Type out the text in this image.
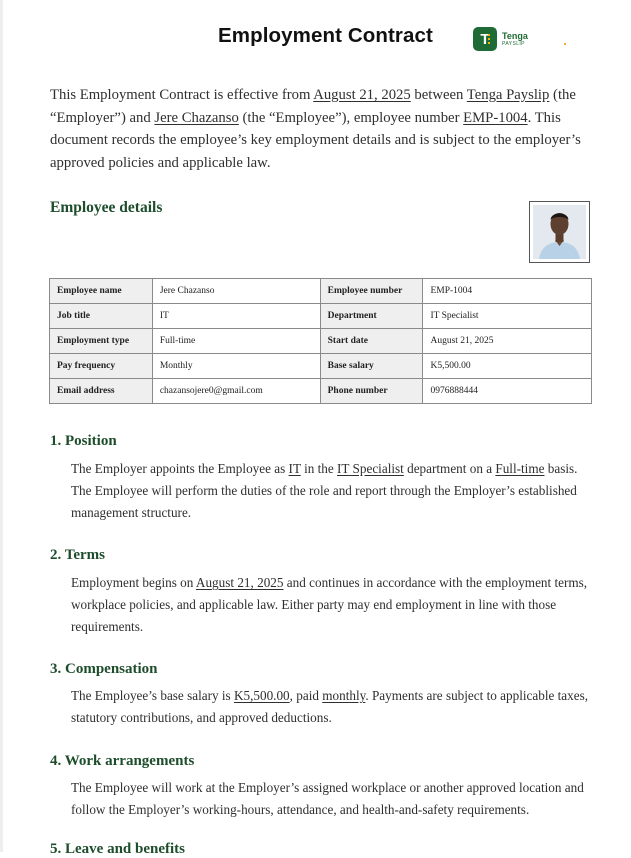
Employment Contract	T Tenga
PAYSLIP

This Employment Contract is effective from August 21, 2025 between Tenga Payslip (the “Employer”) and Jere Chazanso (the “Employee”), employee number EMP-1004. This document records the employee’s key employment details and is subject to the employer’s approved policies and applicable law.

Employee details
Employee name	Jere Chazanso	Employee number	EMP-1004
Job title	IT	Department	IT Specialist
Employment type	Full-time	Start date	August 21, 2025
Pay frequency	Monthly	Base salary	K5,500.00
Email address	chazansojere0@gmail.com	Phone number	0976888444
1. Position

The Employer appoints the Employee as IT in the IT Specialist department on a Full-time basis. The Employee will perform the duties of the role and report through the Employer’s established management structure.

2. Terms

Employment begins on August 21, 2025 and continues in accordance with the employment terms, workplace policies, and applicable law. Either party may end employment in line with those requirements.

3. Compensation

The Employee’s base salary is K5,500.00, paid monthly. Payments are subject to applicable taxes, statutory contributions, and approved deductions.

4. Work arrangements

The Employee will work at the Employer’s assigned workplace or another approved location and follow the Employer’s working-hours, attendance, and health-and-safety requirements.

5. Leave and benefits
